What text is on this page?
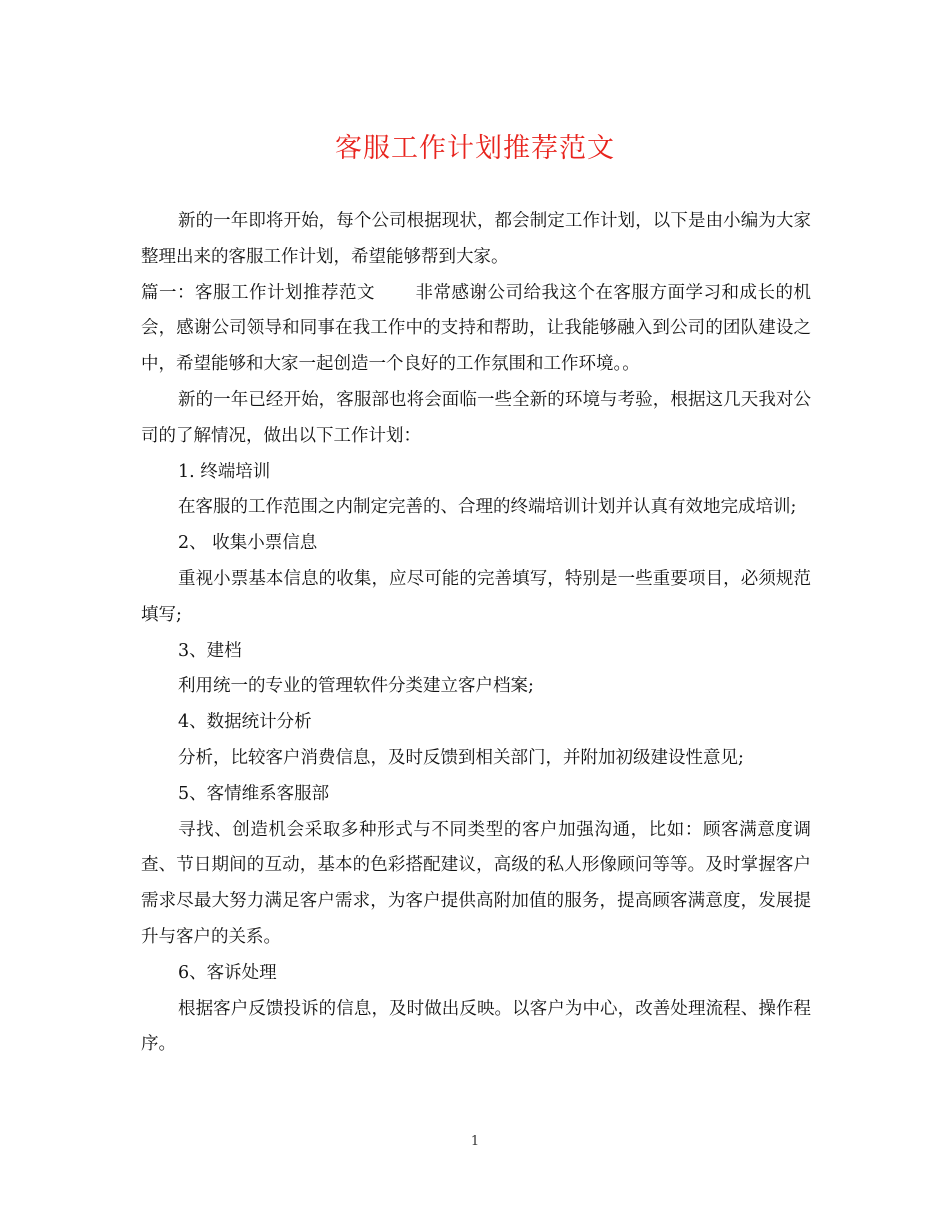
客服工作计划推荐范文

新的一年即将开始，每个公司根据现状，都会制定工作计划，以下是由小编为大家整理出来的客服工作计划，希望能够帮到大家。

篇一：客服工作计划推荐范文 非常感谢公司给我这个在客服方面学习和成长的机会，感谢公司领导和同事在我工作中的支持和帮助，让我能够融入到公司的团队建设之中，希望能够和大家一起创造一个良好的工作氛围和工作环境。。

新的一年已经开始，客服部也将会面临一些全新的环境与考验，根据这几天我对公司的了解情况，做出以下工作计划：

1. 终端培训

在客服的工作范围之内制定完善的、合理的终端培训计划并认真有效地完成培训;

2、 收集小票信息

重视小票基本信息的收集，应尽可能的完善填写，特别是一些重要项目，必须规范填写;

3、建档

利用统一的专业的管理软件分类建立客户档案;

4、数据统计分析

分析，比较客户消费信息，及时反馈到相关部门，并附加初级建设性意见;

5、客情维系客服部

寻找、创造机会采取多种形式与不同类型的客户加强沟通，比如：顾客满意度调查、节日期间的互动，基本的色彩搭配建议，高级的私人形像顾问等等。及时掌握客户需求尽最大努力满足客户需求，为客户提供高附加值的服务，提高顾客满意度，发展提升与客户的关系。

6、客诉处理

根据客户反馈投诉的信息，及时做出反映。以客户为中心，改善处理流程、操作程序。

1
